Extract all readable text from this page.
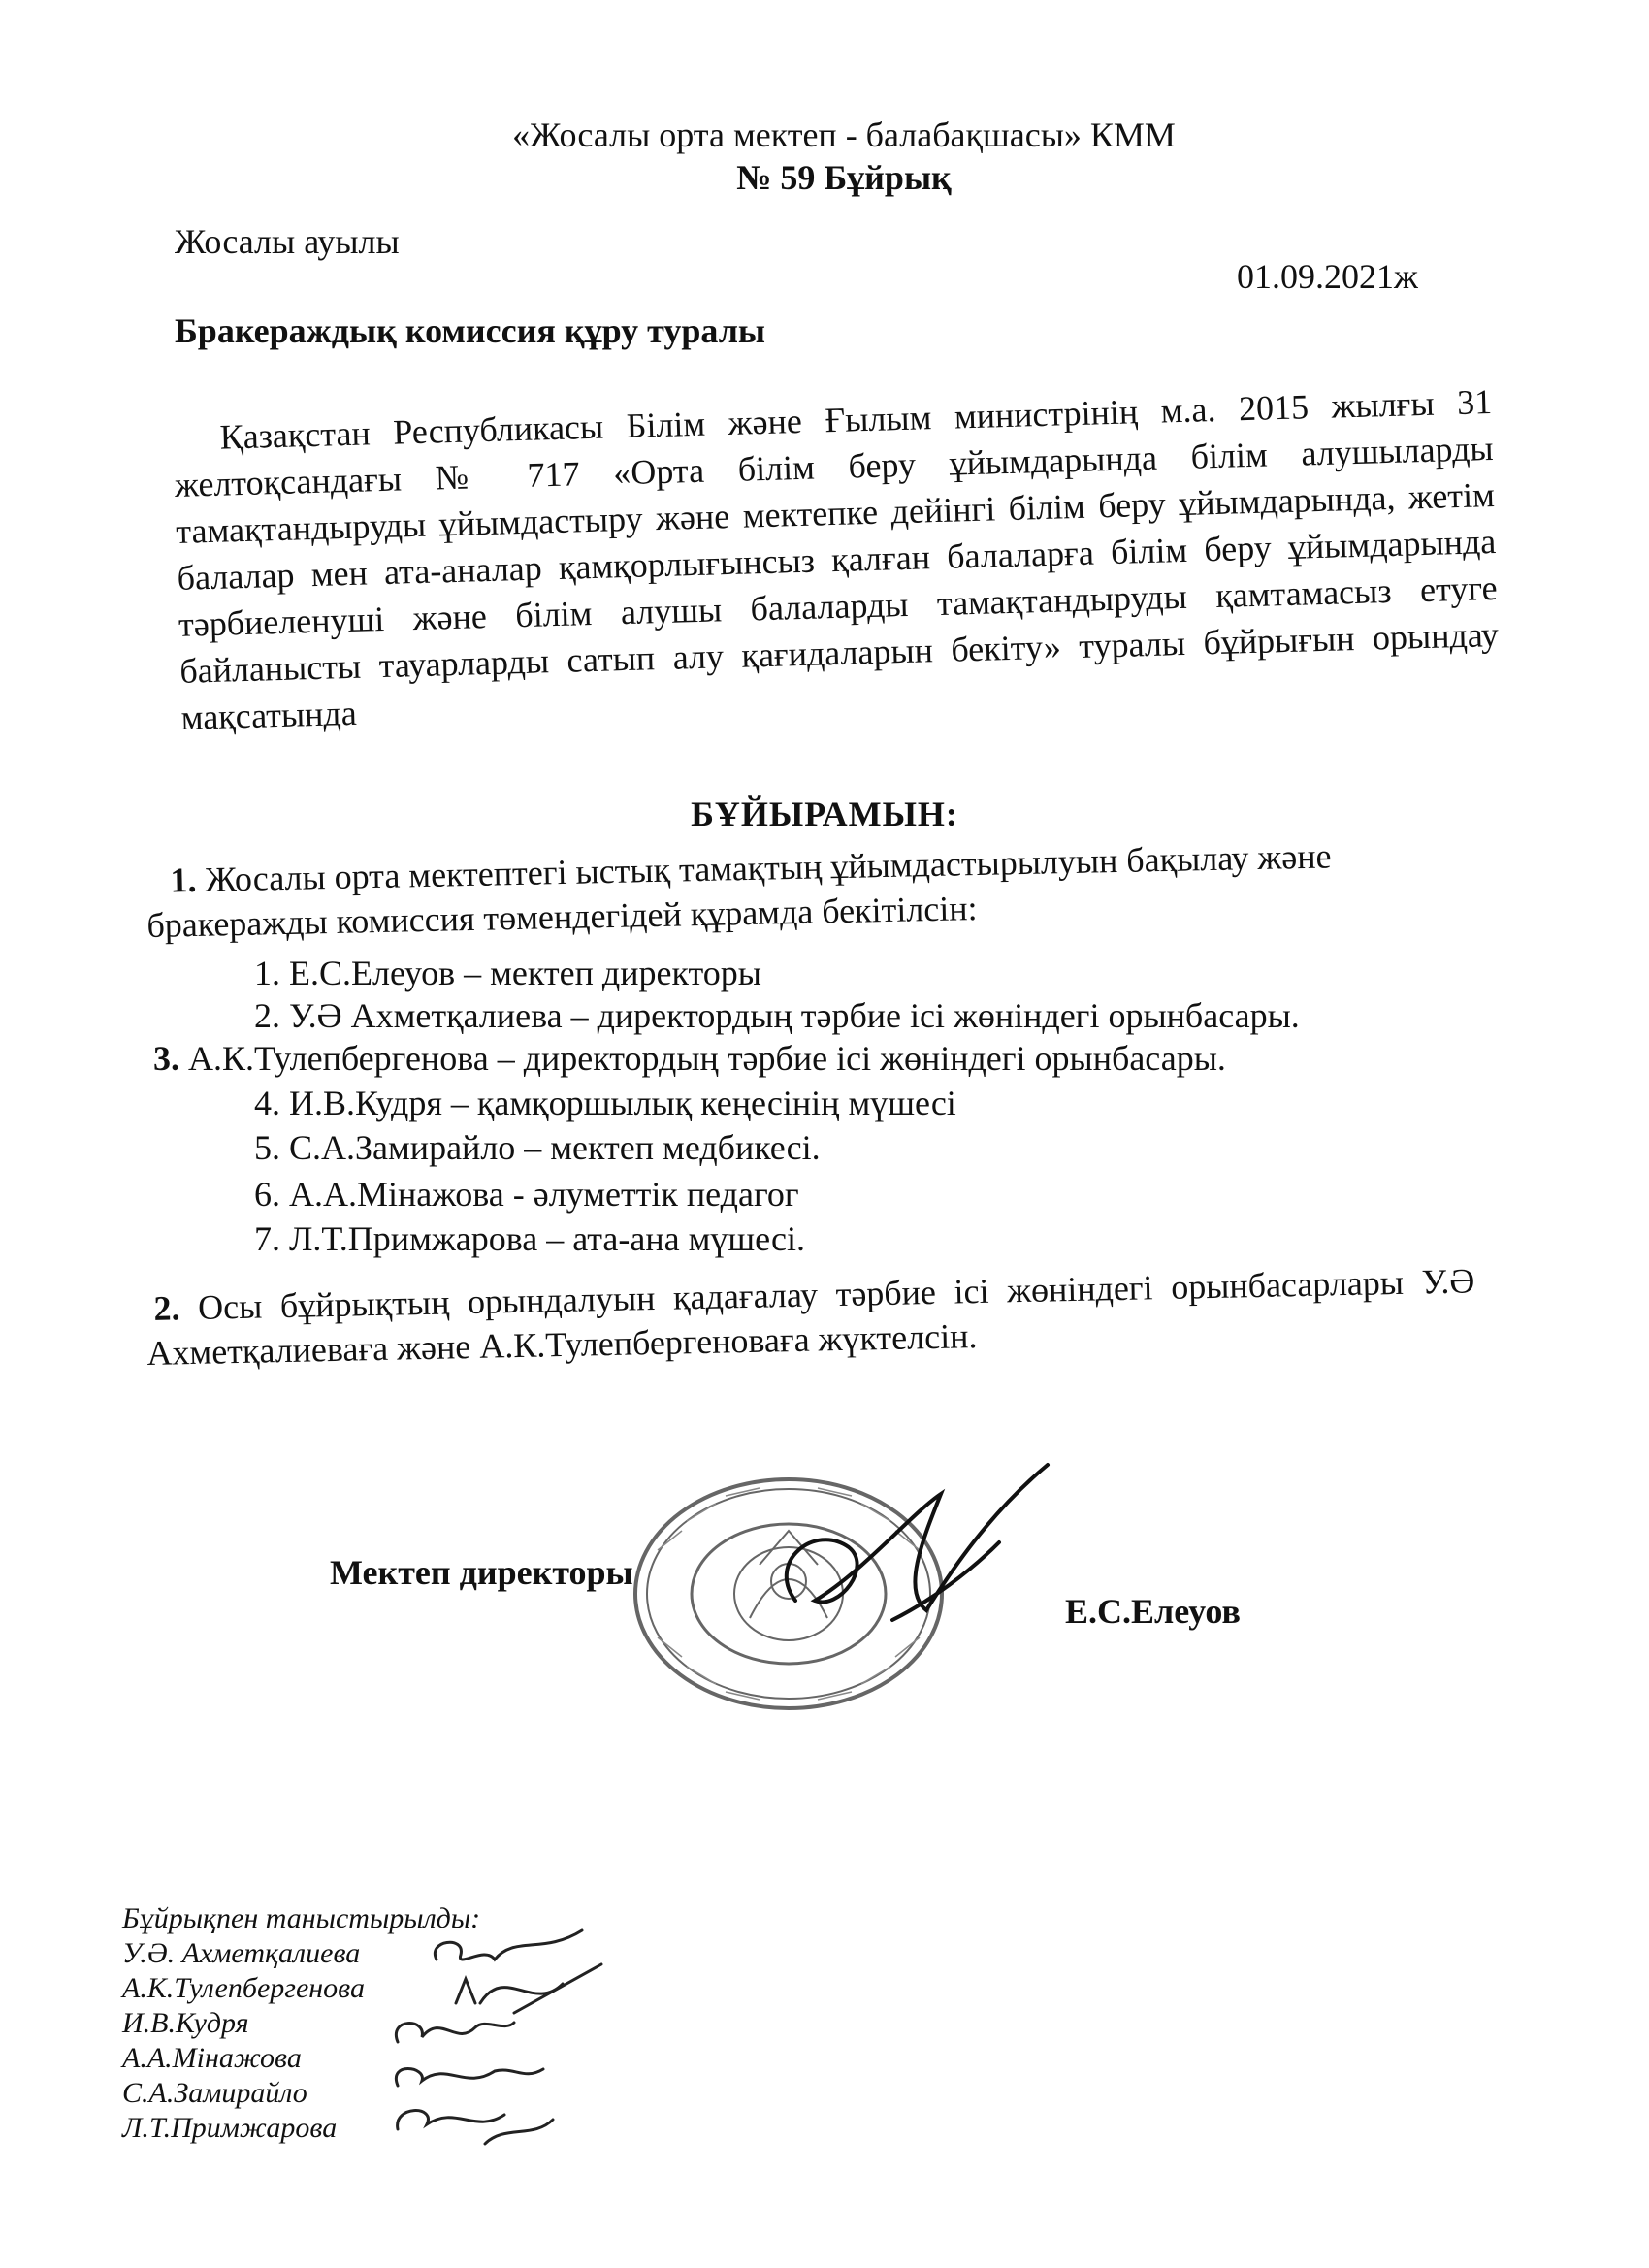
«Жосалы орта мектеп - балабақшасы» КММ
№ 59 Бұйрық
Жосалы ауылы
01.09.2021ж
Бракераждық комиссия құру туралы
Қазақстан Республикасы Білім және Ғылым министрінің м.а. 2015 жылғы 31 желтоқсандағы № 717 «Орта білім беру ұйымдарында білім алушыларды тамақтандыруды ұйымдастыру және мектепке дейінгі білім беру ұйымдарында, жетім балалар мен ата-аналар қамқорлығынсыз қалған балаларға білім беру ұйымдарында тәрбиеленуші және білім алушы балаларды тамақтандыруды қамтамасыз етуге байланысты тауарларды сатып алу қағидаларын бекіту» туралы бұйрығын орындау мақсатында
БҰЙЫРАМЫН:
1. Жосалы орта мектептегі ыстық тамақтың ұйымдастырылуын бақылау және бракеражды комиссия төмендегідей құрамда бекітілсін:
1. Е.С.Елеуов – мектеп директоры
2. У.Ә Ахметқалиева – директордың тәрбие ісі жөніндегі орынбасары.
3. А.К.Тулепбергенова – директордың тәрбие ісі жөніндегі орынбасары.
4. И.В.Кудря – қамқоршылық кеңесінің мүшесі
5. С.А.Замирайло – мектеп медбикесі.
6. А.А.Мінажова - әлуметтік педагог
7. Л.Т.Примжарова – ата-ана мүшесі.
2. Осы бұйрықтың орындалуын қадағалау тәрбие ісі жөніндегі орынбасарлары У.Ә Ахметқалиеваға және А.К.Тулепбергеноваға жүктелсін.
Мектеп директоры
Е.С.Елеуов
Бұйрықпен таныстырылды:
У.Ә. Ахметқалиева
А.К.Тулепбергенова
И.В.Кудря
А.А.Мінажова
С.А.Замирайло
Л.Т.Примжарова
